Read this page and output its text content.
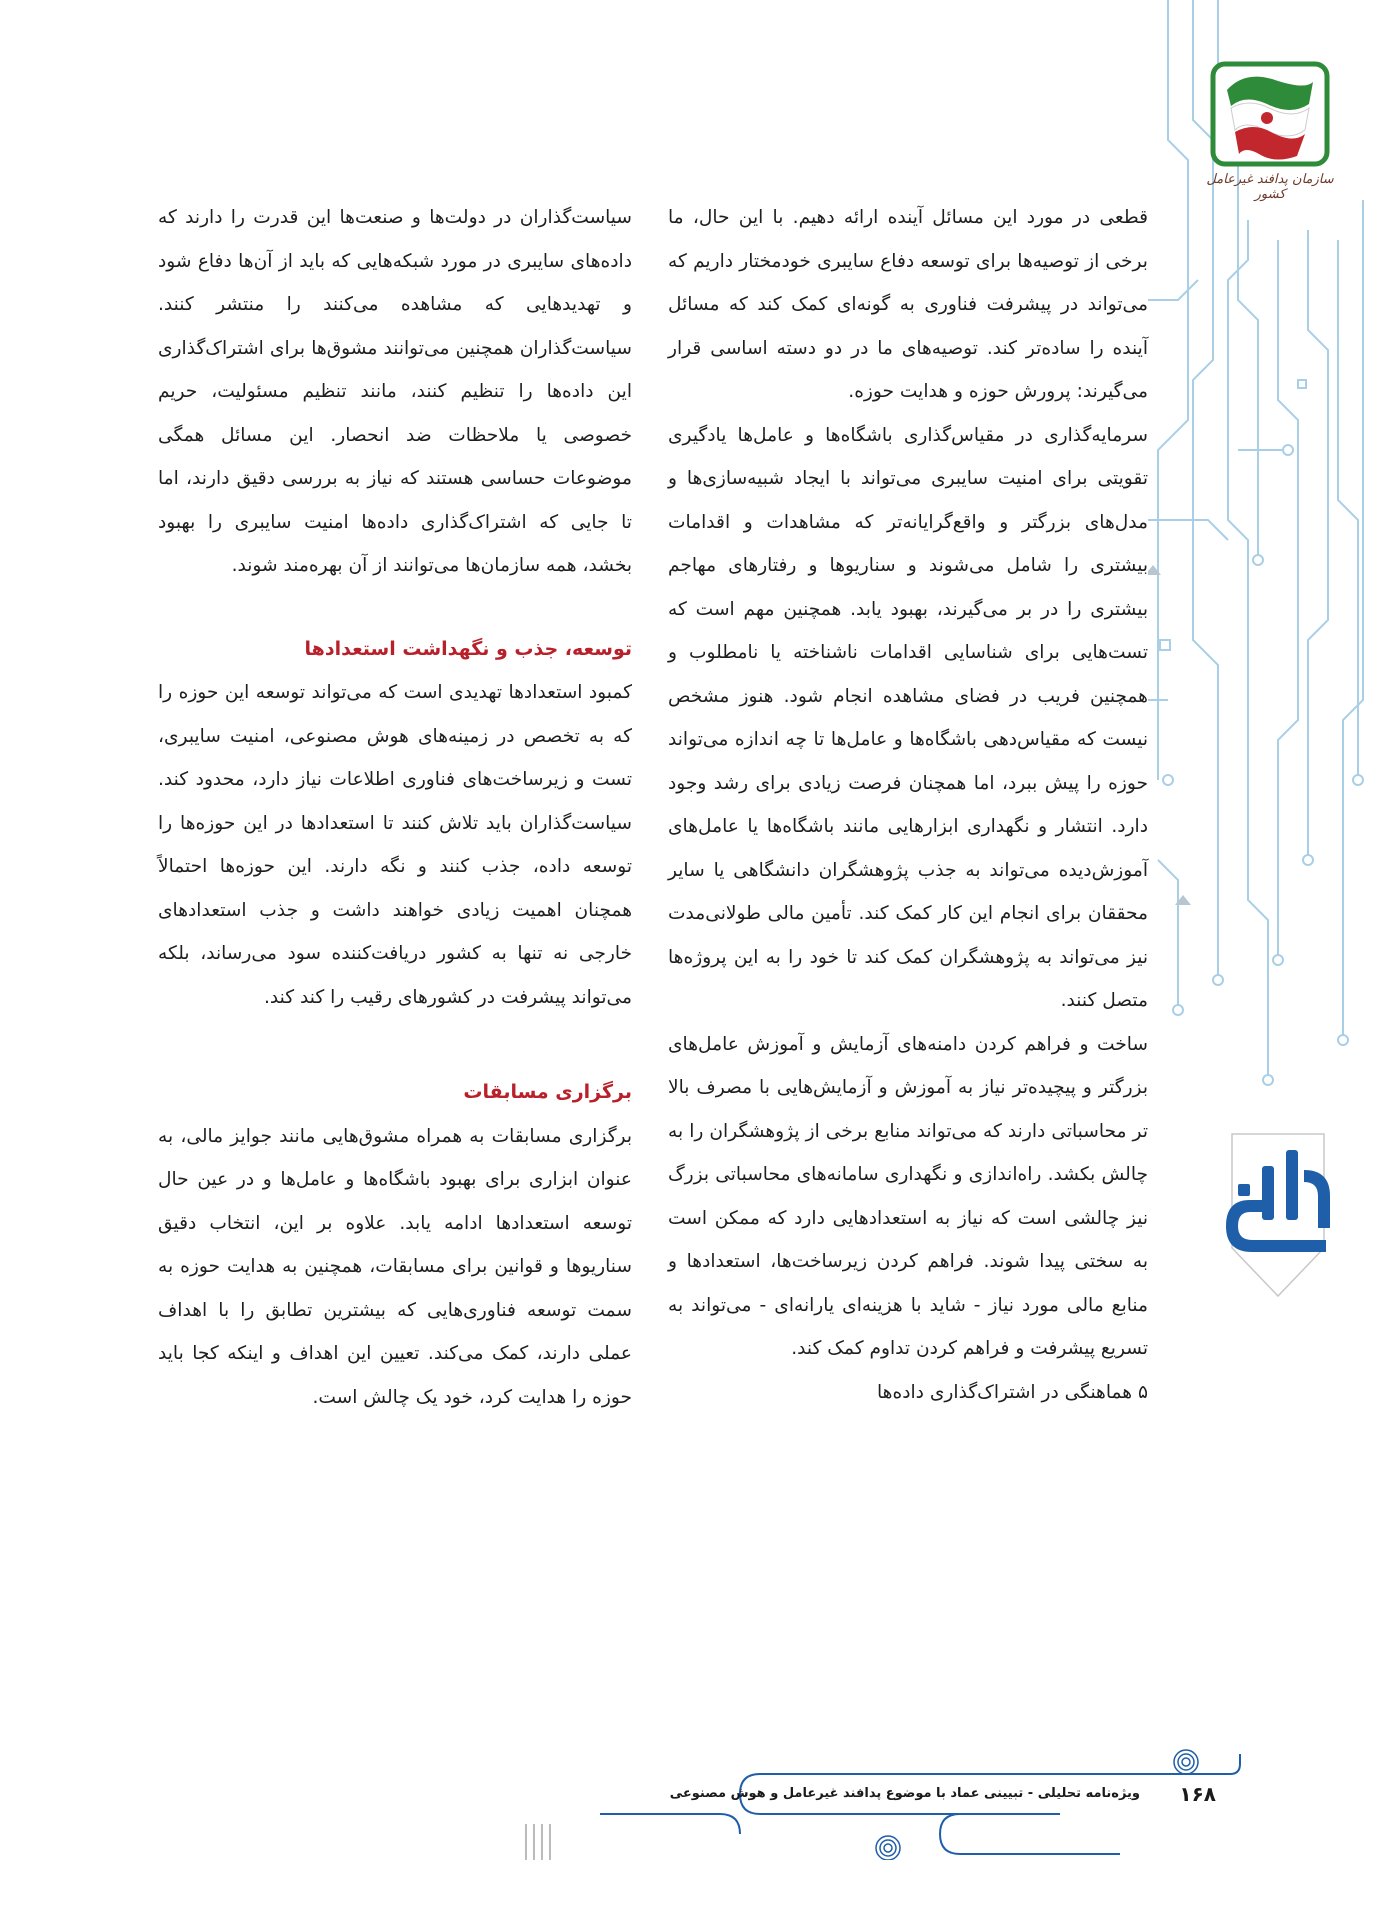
سازمان پدافند غیرعامل کشور
قطعی در مورد این مسائل آینده ارائه دهیم. با این حال، ما برخی از توصیه‌ها برای توسعه دفاع سایبری خودمختار داریم که می‌تواند در پیشرفت فناوری به گونه‌ای کمک کند که مسائل آینده را ساده‌تر کند. توصیه‌های ما در دو دسته اساسی قرار می‌گیرند: پرورش حوزه و هدایت حوزه.
سرمایه‌گذاری در مقیاس‌گذاری باشگاه‌ها و عامل‌ها یادگیری تقویتی برای امنیت سایبری می‌تواند با ایجاد شبیه‌سازی‌ها و مدل‌های بزرگتر و واقع‌گرایانه‌تر که مشاهدات و اقدامات بیشتری را شامل می‌شوند و سناریوها و رفتارهای مهاجم بیشتری را در بر می‌گیرند، بهبود یابد. همچنین مهم است که تست‌هایی برای شناسایی اقدامات ناشناخته یا نامطلوب و همچنین فریب در فضای مشاهده انجام شود. هنوز مشخص نیست که مقیاس‌دهی باشگاه‌ها و عامل‌ها تا چه اندازه می‌تواند حوزه را پیش ببرد، اما همچنان فرصت زیادی برای رشد وجود دارد. انتشار و نگهداری ابزارهایی مانند باشگاه‌ها یا عامل‌های آموزش‌دیده می‌تواند به جذب پژوهشگران دانشگاهی یا سایر محققان برای انجام این کار کمک کند. تأمین مالی طولانی‌مدت نیز می‌تواند به پژوهشگران کمک کند تا خود را به این پروژه‌ها متصل کنند.
ساخت و فراهم کردن دامنه‌های آزمایش و آموزش عامل‌های بزرگتر و پیچیده‌تر نیاز به آموزش و آزمایش‌هایی با مصرف بالا تر محاسباتی دارند که می‌تواند منابع برخی از پژوهشگران را به چالش بکشد. راه‌اندازی و نگهداری سامانه‌های محاسباتی بزرگ نیز چالشی است که نیاز به استعدادهایی دارد که ممکن است به سختی پیدا شوند. فراهم کردن زیرساخت‌ها، استعدادها و منابع مالی مورد نیاز - شاید با هزینه‌ای یارانه‌ای - می‌تواند به تسریع پیشرفت و فراهم کردن تداوم کمک کند.
۵ هماهنگی در اشتراک‌گذاری داده‌ها
سیاست‌گذاران در دولت‌ها و صنعت‌ها این قدرت را دارند که داده‌های سایبری در مورد شبکه‌هایی که باید از آن‌ها دفاع شود و تهدیدهایی که مشاهده می‌کنند را منتشر کنند. سیاست‌گذاران همچنین می‌توانند مشوق‌ها برای اشتراک‌گذاری این داده‌ها را تنظیم کنند، مانند تنظیم مسئولیت، حریم خصوصی یا ملاحظات ضد انحصار. این مسائل همگی موضوعات حساسی هستند که نیاز به بررسی دقیق دارند، اما تا جایی که اشتراک‌گذاری داده‌ها امنیت سایبری را بهبود بخشد، همه سازمان‌ها می‌توانند از آن بهره‌مند شوند.
توسعه، جذب و نگهداشت استعدادها
کمبود استعدادها تهدیدی است که می‌تواند توسعه این حوزه را که به تخصص در زمینه‌های هوش مصنوعی، امنیت سایبری، تست و زیرساخت‌های فناوری اطلاعات نیاز دارد، محدود کند. سیاست‌گذاران باید تلاش کنند تا استعدادها در این حوزه‌ها را توسعه داده، جذب کنند و نگه دارند. این حوزه‌ها احتمالاً همچنان اهمیت زیادی خواهند داشت و جذب استعدادهای خارجی نه تنها به کشور دریافت‌کننده سود می‌رساند، بلکه می‌تواند پیشرفت در کشورهای رقیب را کند کند.
برگزاری مسابقات
برگزاری مسابقات به همراه مشوق‌هایی مانند جوایز مالی، به عنوان ابزاری برای بهبود باشگاه‌ها و عامل‌ها و در عین حال توسعه استعدادها ادامه یابد. علاوه بر این، انتخاب دقیق سناریوها و قوانین برای مسابقات، همچنین به هدایت حوزه به سمت توسعه فناوری‌هایی که بیشترین تطابق را با اهداف عملی دارند، کمک می‌کند. تعیین این اهداف و اینکه کجا باید حوزه را هدایت کرد، خود یک چالش است.
۱۶۸
ویژه‌نامه تحلیلی - تبیینی عماد با موضوع پدافند غیرعامل و هوش مصنوعی
